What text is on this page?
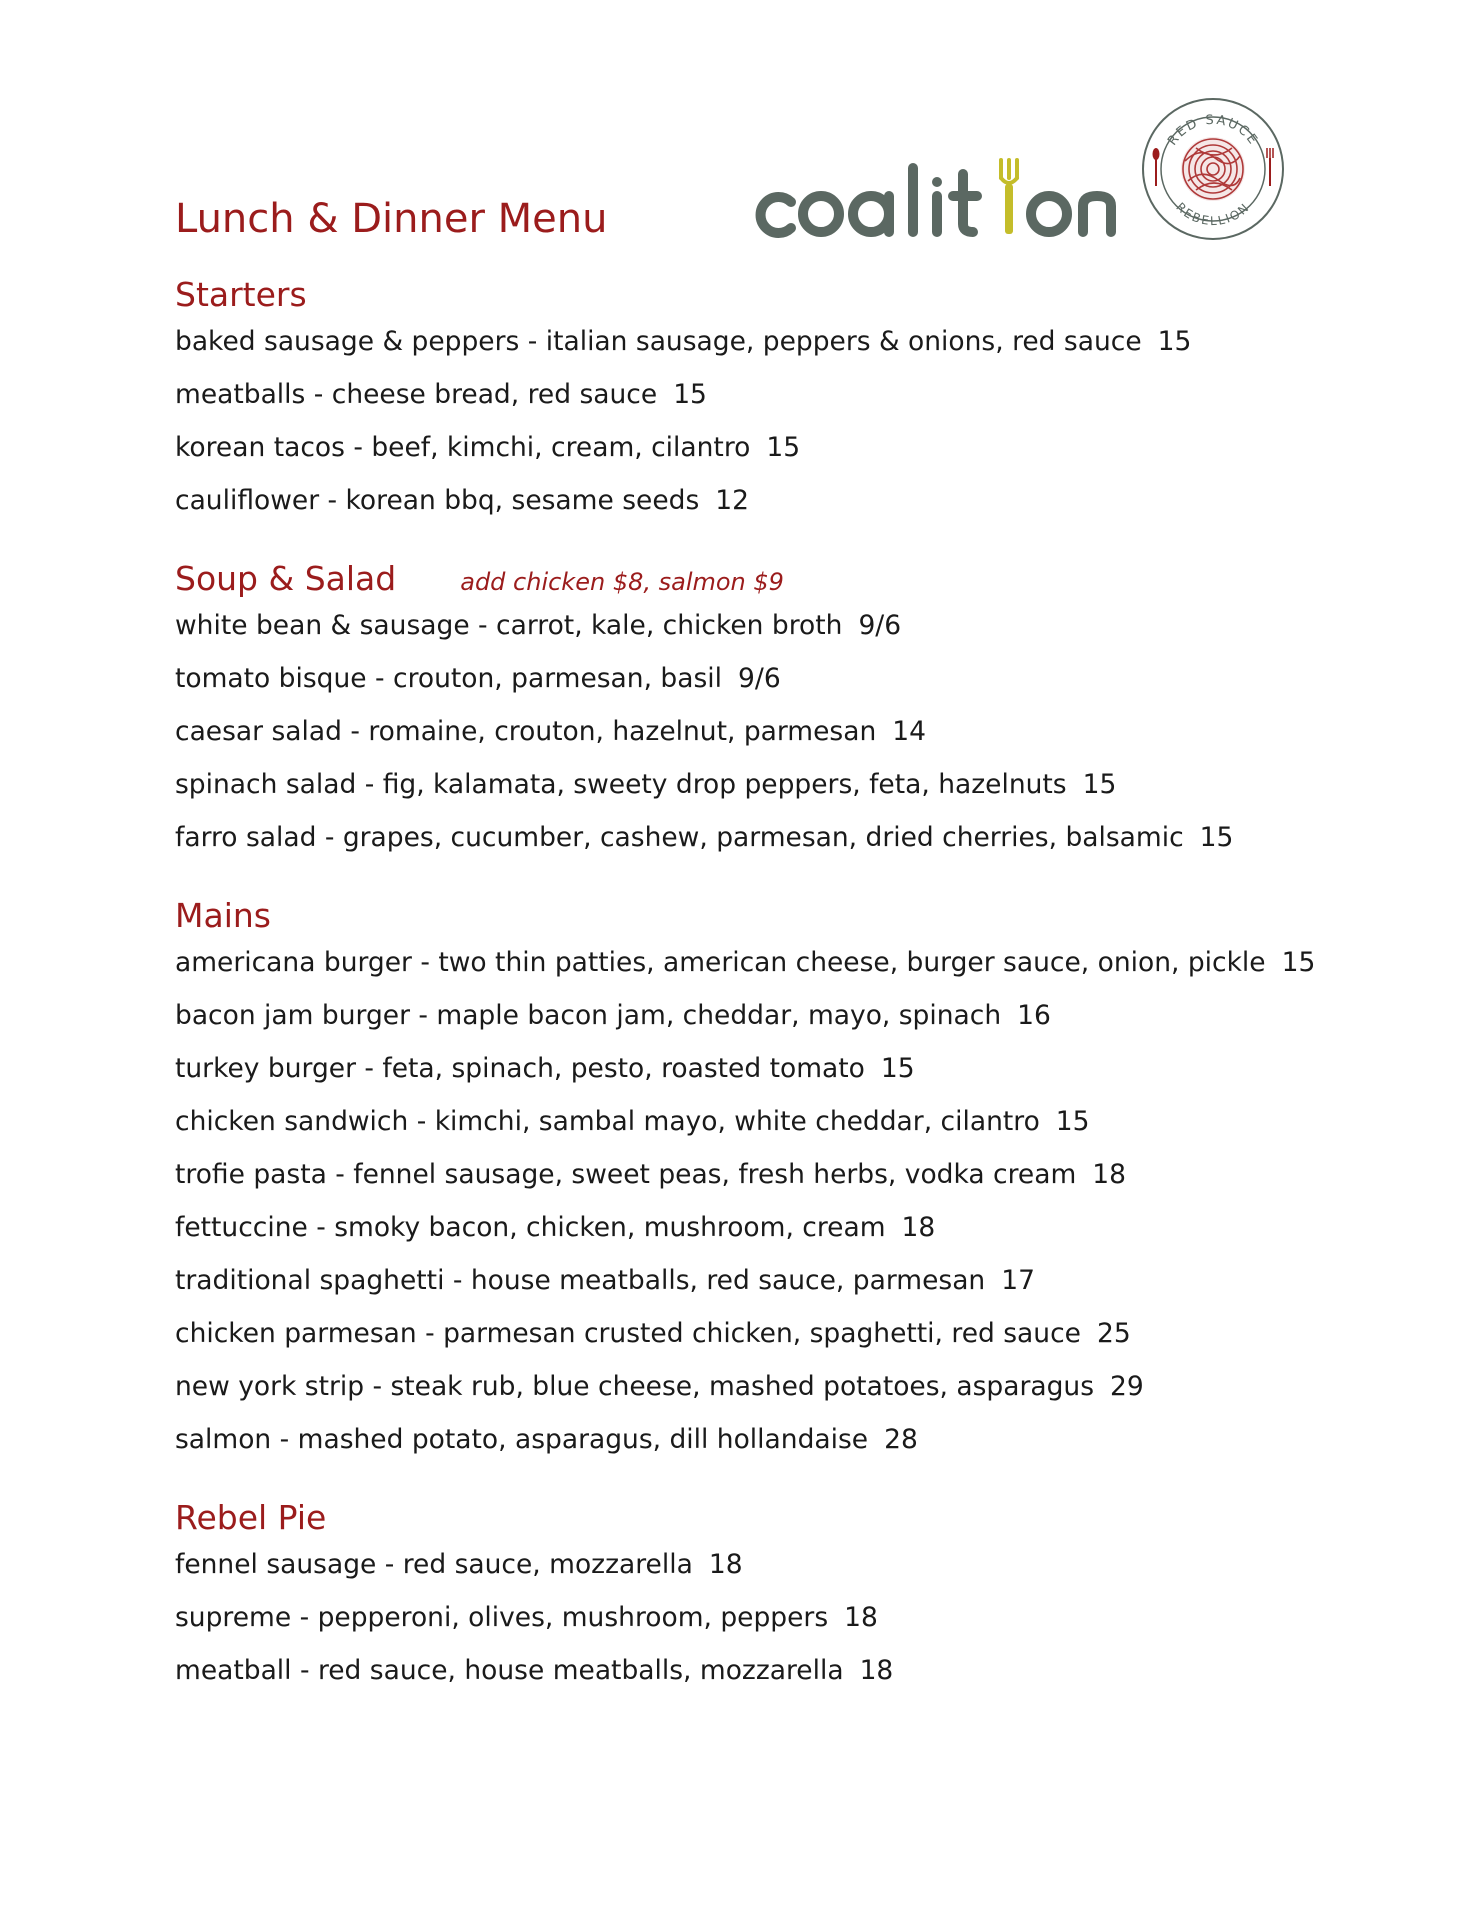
Lunch & Dinner Menu
RED SAUCE
REBELLION
Starters
baked sausage & peppers - italian sausage, peppers & onions, red sauce 15
meatballs - cheese bread, red sauce 15
korean tacos - beef, kimchi, cream, cilantro 15
cauliflower - korean bbq, sesame seeds 12
Soup & Salad	add chicken $8, salmon $9
white bean & sausage - carrot, kale, chicken broth 9/6
tomato bisque - crouton, parmesan, basil 9/6
caesar salad - romaine, crouton, hazelnut, parmesan 14
spinach salad - fig, kalamata, sweety drop peppers, feta, hazelnuts 15
farro salad - grapes, cucumber, cashew, parmesan, dried cherries, balsamic 15
Mains
americana burger - two thin patties, american cheese, burger sauce, onion, pickle 15
bacon jam burger - maple bacon jam, cheddar, mayo, spinach 16
turkey burger - feta, spinach, pesto, roasted tomato 15
chicken sandwich - kimchi, sambal mayo, white cheddar, cilantro 15
trofie pasta - fennel sausage, sweet peas, fresh herbs, vodka cream 18
fettuccine - smoky bacon, chicken, mushroom, cream 18
traditional spaghetti - house meatballs, red sauce, parmesan 17
chicken parmesan - parmesan crusted chicken, spaghetti, red sauce 25
new york strip - steak rub, blue cheese, mashed potatoes, asparagus 29
salmon - mashed potato, asparagus, dill hollandaise 28
Rebel Pie
fennel sausage - red sauce, mozzarella 18
supreme - pepperoni, olives, mushroom, peppers 18
meatball - red sauce, house meatballs, mozzarella 18
